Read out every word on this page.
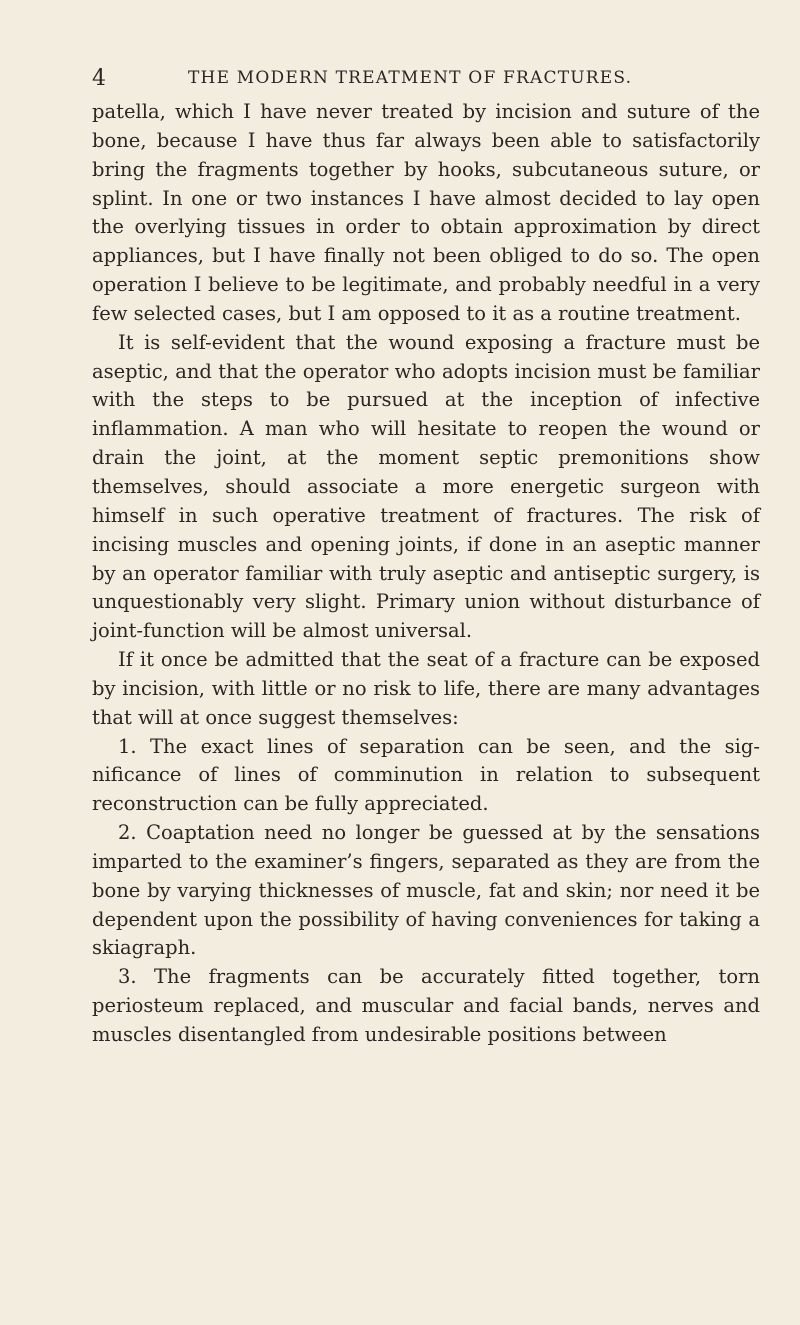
4	THE MODERN TREATMENT OF FRACTURES.

patella, which I have never treated by incision and suture of the bone, because I have thus far always been able to satisfactorily bring the fragments together by hooks, subcutaneous suture, or splint. In one or two instances I have almost decided to lay open the overlying tissues in order to obtain approximation by direct appliances, but I have finally not been obliged to do so. The open operation I believe to be legitimate, and probably needful in a very few selected cases, but I am opposed to it as a routine treatment.

It is self-evident that the wound exposing a fracture must be aseptic, and that the operator who adopts incision must be familiar with the steps to be pursued at the inception of infective inflammation. A man who will hesitate to reopen the wound or drain the joint, at the moment septic premonitions show themselves, should associate a more energetic surgeon with himself in such operative treatment of fractures. The risk of incising muscles and opening joints, if done in an aseptic manner by an operator familiar with truly aseptic and antiseptic surgery, is unquestionably very slight. Primary union without disturbance of joint-function will be almost universal.

If it once be admitted that the seat of a fracture can be exposed by incision, with little or no risk to life, there are many advantages that will at once suggest themselves:

1. The exact lines of separation can be seen, and the significance of lines of comminution in relation to subsequent reconstruction can be fully appreciated.

2. Coaptation need no longer be guessed at by the sensations imparted to the examiner’s fingers, separated as they are from the bone by varying thicknesses of muscle, fat and skin; nor need it be dependent upon the possibility of having conveniences for taking a skiagraph.

3. The fragments can be accurately fitted together, torn periosteum replaced, and muscular and facial bands, nerves and muscles disentangled from undesirable positions between
